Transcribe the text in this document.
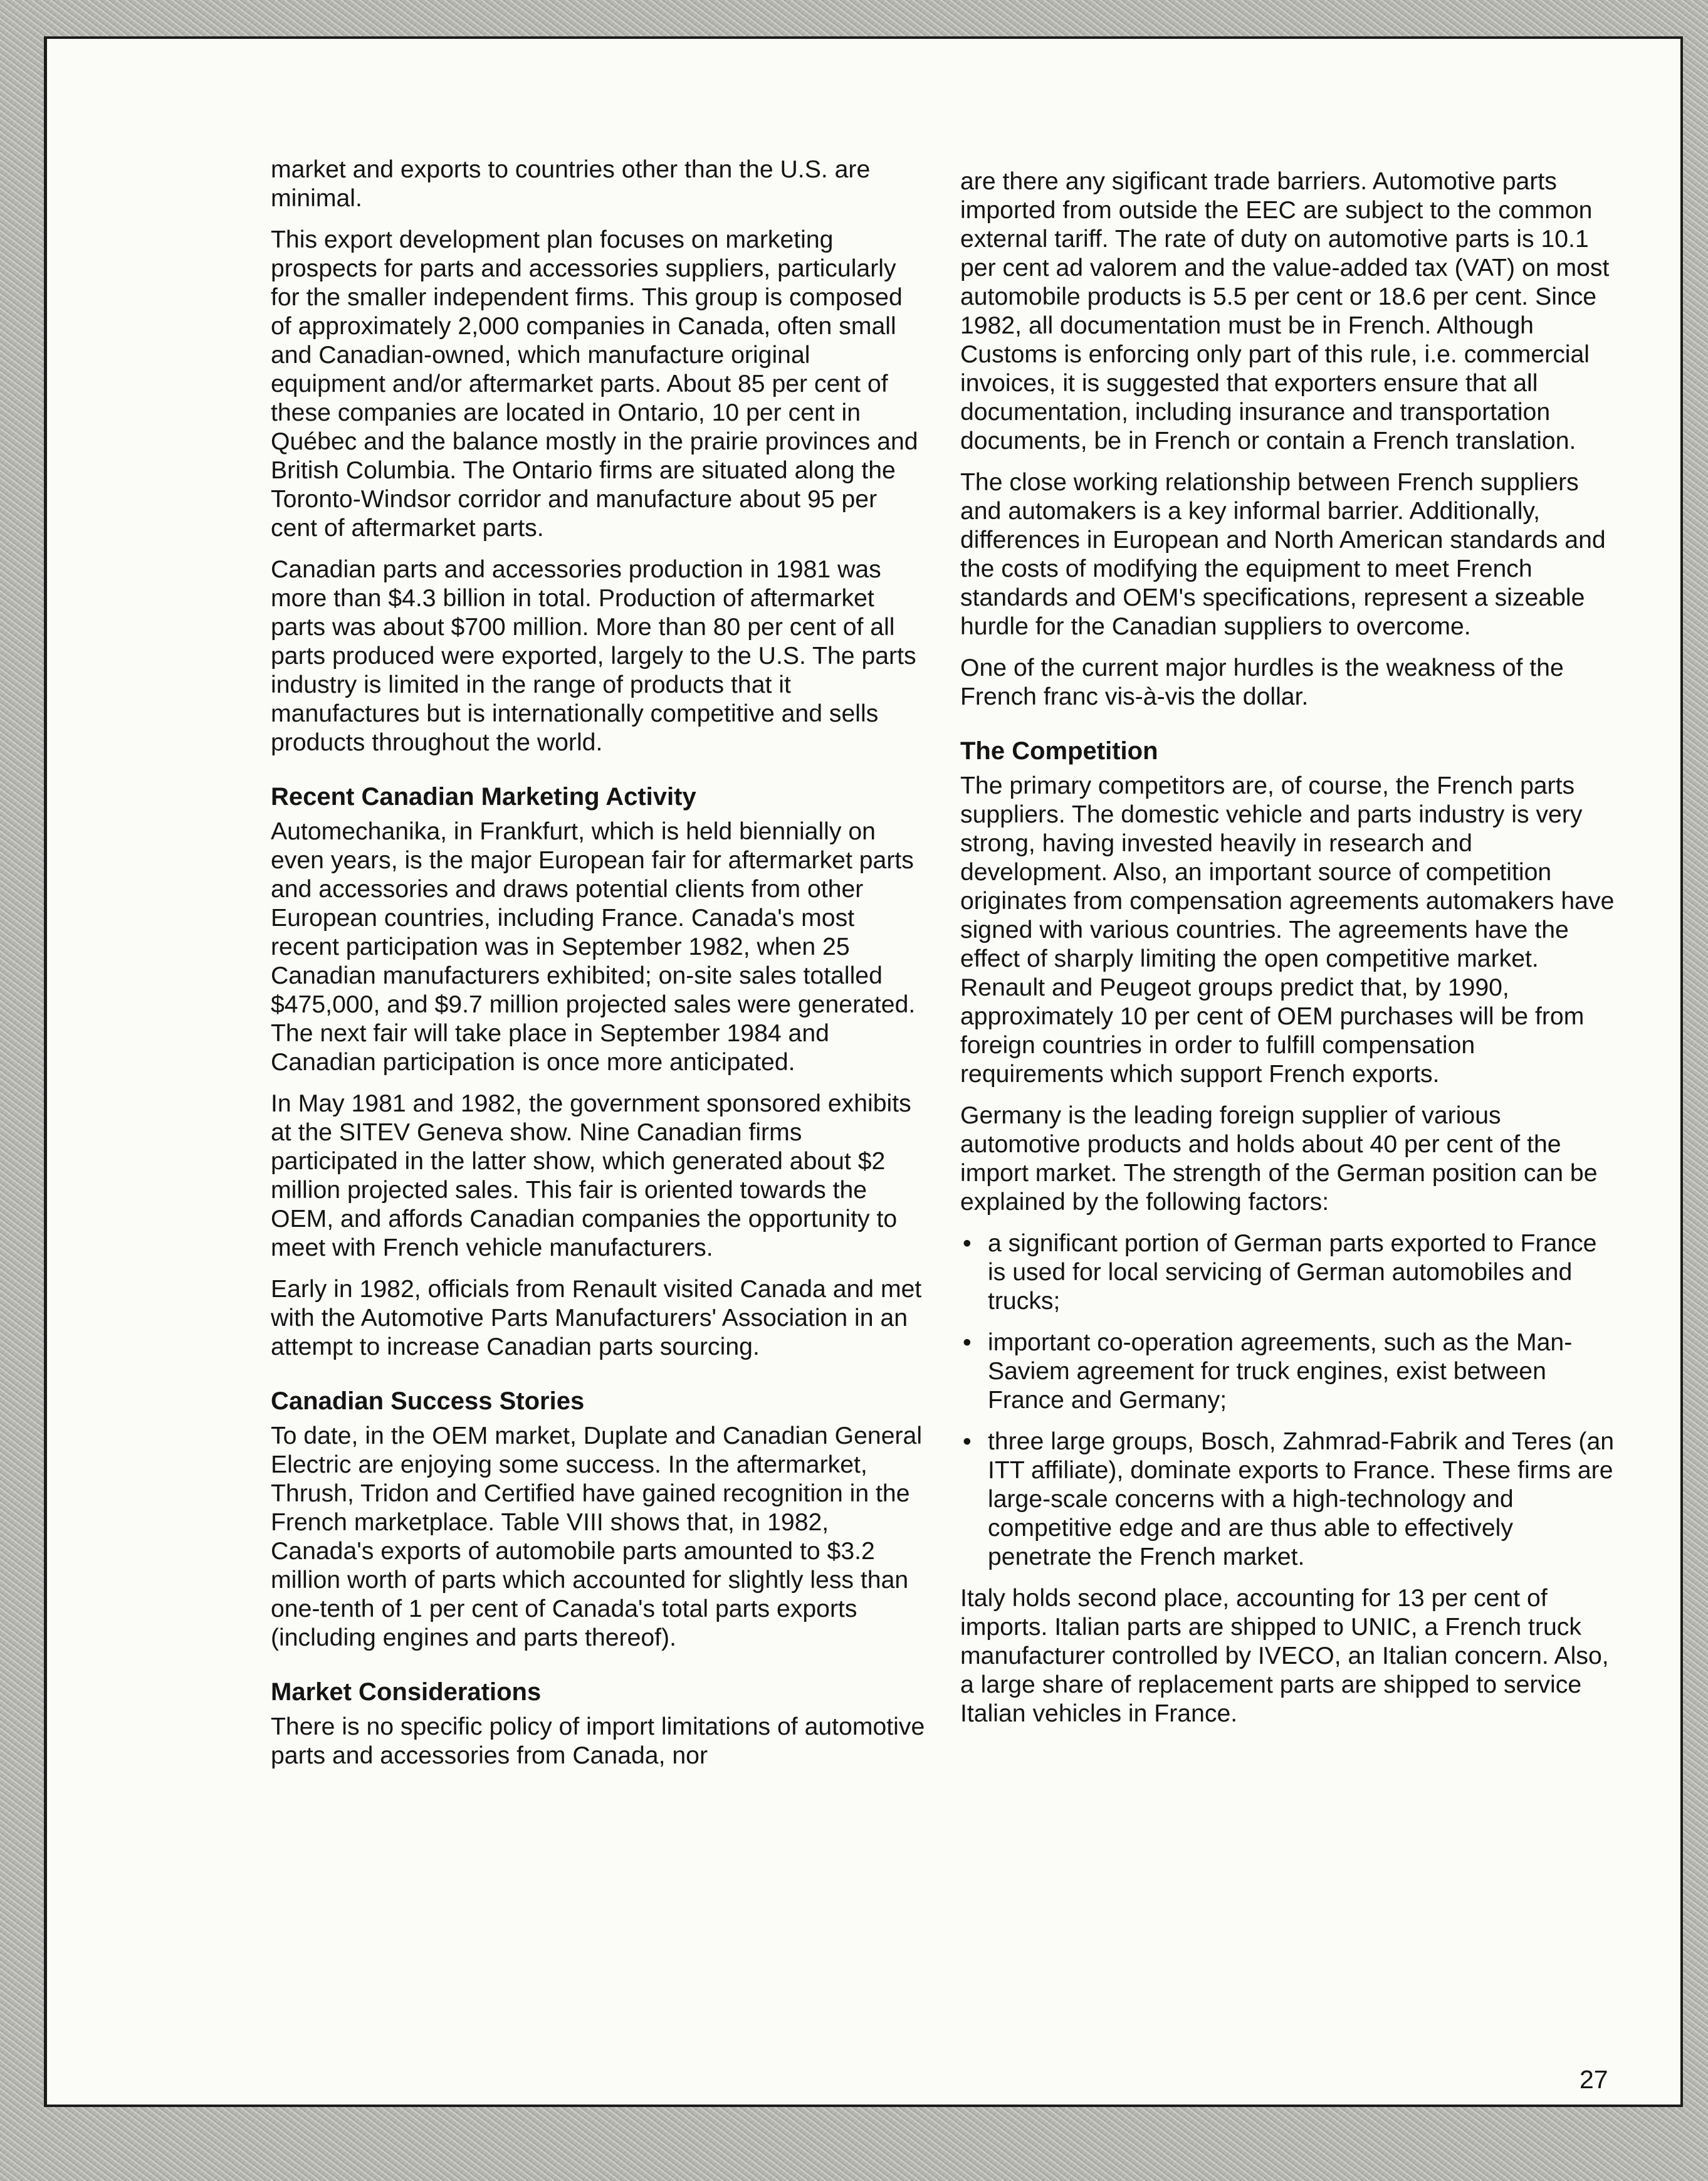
market and exports to countries other than the U.S. are minimal.

This export development plan focuses on marketing prospects for parts and accessories suppliers, particularly for the smaller independent firms. This group is composed of approximately 2,000 companies in Canada, often small and Canadian-owned, which manufacture original equipment and/or aftermarket parts. About 85 per cent of these companies are located in Ontario, 10 per cent in Québec and the balance mostly in the prairie provinces and British Columbia. The Ontario firms are situated along the Toronto-Windsor corridor and manufacture about 95 per cent of aftermarket parts.

Canadian parts and accessories production in 1981 was more than $4.3 billion in total. Production of aftermarket parts was about $700 million. More than 80 per cent of all parts produced were exported, largely to the U.S. The parts industry is limited in the range of products that it manufactures but is internationally competitive and sells products throughout the world.

Recent Canadian Marketing Activity

Automechanika, in Frankfurt, which is held biennially on even years, is the major European fair for aftermarket parts and accessories and draws potential clients from other European countries, including France. Canada's most recent participation was in September 1982, when 25 Canadian manufacturers exhibited; on-site sales totalled $475,000, and $9.7 million projected sales were generated. The next fair will take place in September 1984 and Canadian participation is once more anticipated.

In May 1981 and 1982, the government sponsored exhibits at the SITEV Geneva show. Nine Canadian firms participated in the latter show, which generated about $2 million projected sales. This fair is oriented towards the OEM, and affords Canadian companies the opportunity to meet with French vehicle manufacturers.

Early in 1982, officials from Renault visited Canada and met with the Automotive Parts Manufacturers' Association in an attempt to increase Canadian parts sourcing.

Canadian Success Stories

To date, in the OEM market, Duplate and Canadian General Electric are enjoying some success. In the aftermarket, Thrush, Tridon and Certified have gained recognition in the French marketplace. Table VIII shows that, in 1982, Canada's exports of automobile parts amounted to $3.2 million worth of parts which accounted for slightly less than one-tenth of 1 per cent of Canada's total parts exports (including engines and parts thereof).

Market Considerations

There is no specific policy of import limitations of automotive parts and accessories from Canada, nor

are there any sigificant trade barriers. Automotive parts imported from outside the EEC are subject to the common external tariff. The rate of duty on automotive parts is 10.1 per cent ad valorem and the value-added tax (VAT) on most automobile products is 5.5 per cent or 18.6 per cent. Since 1982, all documentation must be in French. Although Customs is enforcing only part of this rule, i.e. commercial invoices, it is suggested that exporters ensure that all documentation, including insurance and transportation documents, be in French or contain a French translation.

The close working relationship between French suppliers and automakers is a key informal barrier. Additionally, differences in European and North American standards and the costs of modifying the equipment to meet French standards and OEM's specifications, represent a sizeable hurdle for the Canadian suppliers to overcome.

One of the current major hurdles is the weakness of the French franc vis-à-vis the dollar.

The Competition

The primary competitors are, of course, the French parts suppliers. The domestic vehicle and parts industry is very strong, having invested heavily in research and development. Also, an important source of competition originates from compensation agreements automakers have signed with various countries. The agreements have the effect of sharply limiting the open competitive market. Renault and Peugeot groups predict that, by 1990, approximately 10 per cent of OEM purchases will be from foreign countries in order to fulfill compensation requirements which support French exports.

Germany is the leading foreign supplier of various automotive products and holds about 40 per cent of the import market. The strength of the German position can be explained by the following factors:

• a significant portion of German parts exported to France is used for local servicing of German automobiles and trucks;
• important co-operation agreements, such as the Man-Saviem agreement for truck engines, exist between France and Germany;
• three large groups, Bosch, Zahmrad-Fabrik and Teres (an ITT affiliate), dominate exports to France. These firms are large-scale concerns with a high-technology and competitive edge and are thus able to effectively penetrate the French market.

Italy holds second place, accounting for 13 per cent of imports. Italian parts are shipped to UNIC, a French truck manufacturer controlled by IVECO, an Italian concern. Also, a large share of replacement parts are shipped to service Italian vehicles in France.

27
